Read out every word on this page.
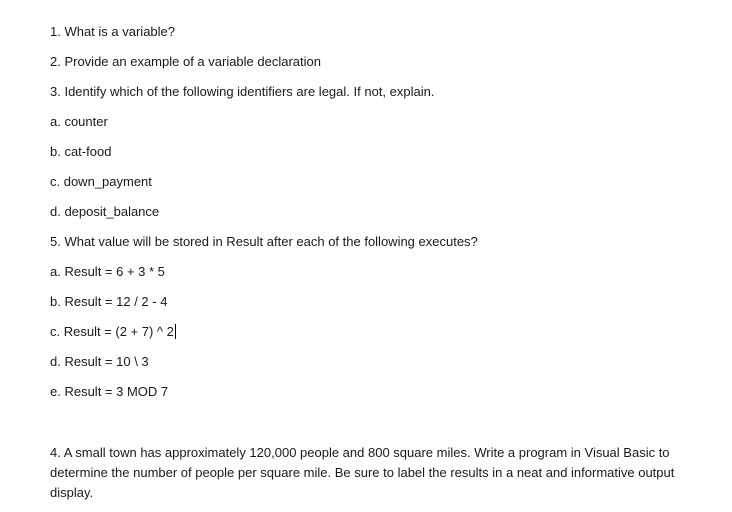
1. What is a variable?
2. Provide an example of a variable declaration
3. Identify which of the following identifiers are legal. If not, explain.
a. counter
b. cat-food
c. down_payment
d. deposit_balance
5. What value will be stored in Result after each of the following executes?
a. Result = 6 + 3 * 5
b. Result = 12 / 2 - 4
c. Result = (2 + 7) ^ 2
d. Result = 10 \ 3
e. Result = 3 MOD 7
4. A small town has approximately 120,000 people and 800 square miles. Write a program in Visual Basic to determine the number of people per square mile. Be sure to label the results in a neat and informative output display.
